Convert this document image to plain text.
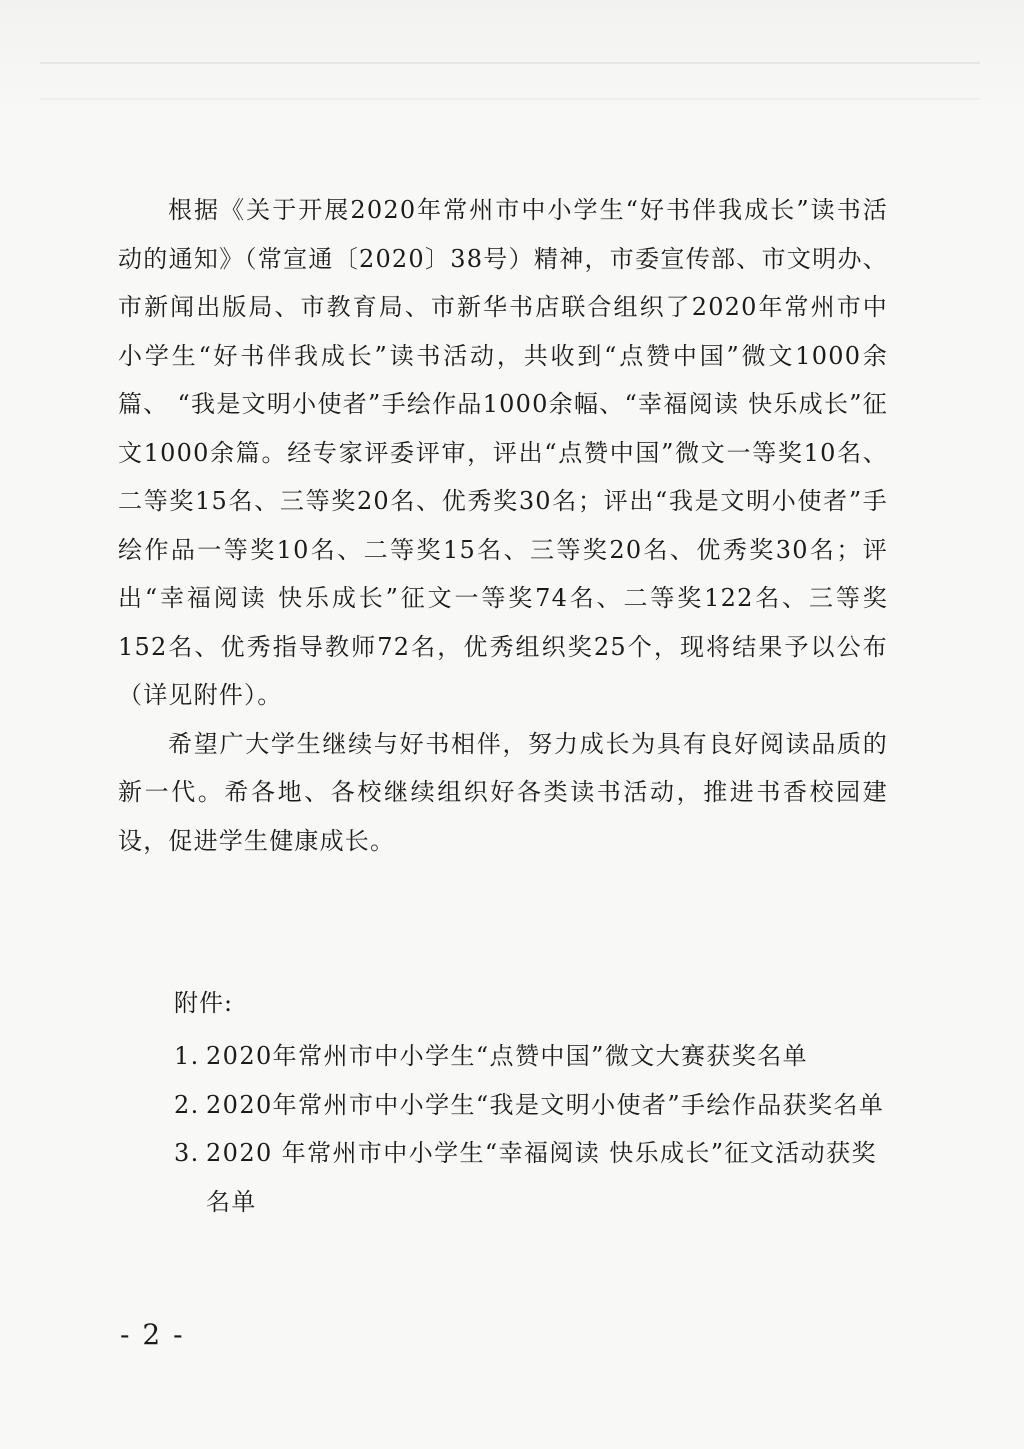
根据《关于开展2020年常州市中小学生“好书伴我成长”读书活动的通知》（常宣通〔2020〕38号）精神，市委宣传部、市文明办、市新闻出版局、市教育局、市新华书店联合组织了2020年常州市中小学生“好书伴我成长”读书活动，共收到“点赞中国”微文1000余篇、 “我是文明小使者”手绘作品1000余幅、“幸福阅读 快乐成长”征文1000余篇。经专家评委评审，评出“点赞中国”微文一等奖10名、二等奖15名、三等奖20名、优秀奖30名；评出“我是文明小使者”手绘作品一等奖10名、二等奖15名、三等奖20名、优秀奖30名；评出“幸福阅读 快乐成长”征文一等奖74名、二等奖122名、三等奖152名、优秀指导教师72名，优秀组织奖25个，现将结果予以公布（详见附件）。

希望广大学生继续与好书相伴，努力成长为具有良好阅读品质的新一代。希各地、各校继续组织好各类读书活动，推进书香校园建设，促进学生健康成长。

附件:

1. 2020年常州市中小学生“点赞中国”微文大赛获奖名单
2. 2020年常州市中小学生“我是文明小使者”手绘作品获奖名单
3. 2020 年常州市中小学生“幸福阅读 快乐成长”征文活动获奖名单

- 2 -
